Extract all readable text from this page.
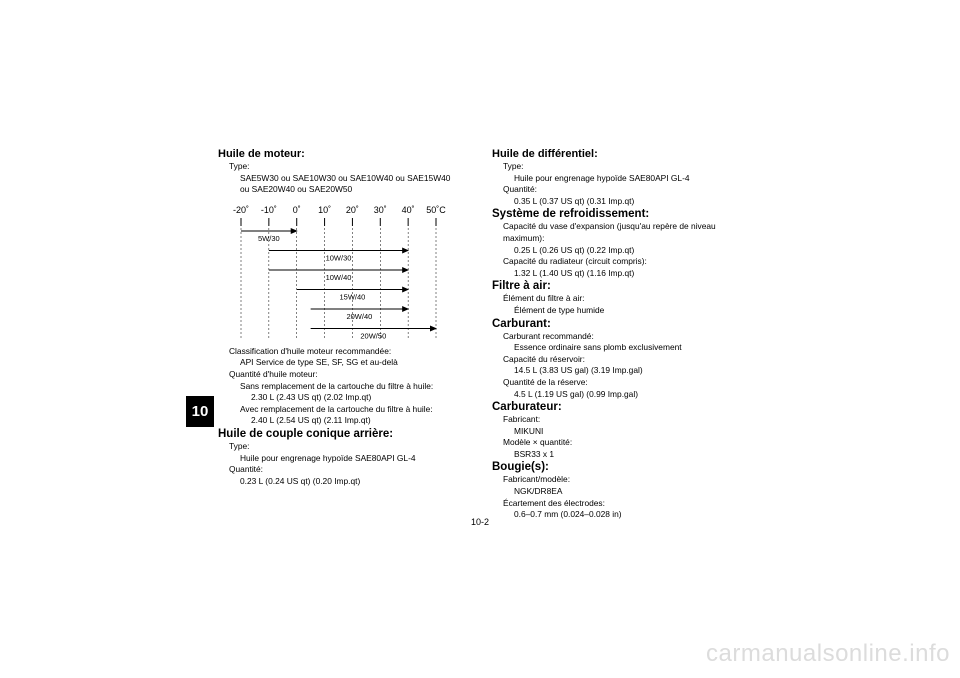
10

Huile de moteur:

Type:

SAE5W30 ou SAE10W30 ou SAE10W40 ou SAE15W40

ou SAE20W40 ou SAE20W50

-20˚ -10˚ 0˚ 10˚ 20˚ 30˚ 40˚ 50˚C
5W/30
10W/30
10W/40
15W/40
20W/40
20W/50

Classification d'huile moteur recommandée:

API Service de type SE, SF, SG et au-delà

Quantité d'huile moteur:

Sans remplacement de la cartouche du filtre à huile:

2.30 L (2.43 US qt) (2.02 Imp.qt)

Avec remplacement de la cartouche du filtre à huile:

2.40 L (2.54 US qt) (2.11 Imp.qt)

Huile de couple conique arrière:

Type:

Huile pour engrenage hypoïde SAE80API GL-4

Quantité:

0.23 L (0.24 US qt) (0.20 Imp.qt)

Huile de différentiel:

Type:

Huile pour engrenage hypoïde SAE80API GL-4

Quantité:

0.35 L (0.37 US qt) (0.31 Imp.qt)

Système de refroidissement:

Capacité du vase d'expansion (jusqu'au repère de niveau maximum):

0.25 L (0.26 US qt) (0.22 Imp.qt)

Capacité du radiateur (circuit compris):

1.32 L (1.40 US qt) (1.16 Imp.qt)

Filtre à air:

Élément du filtre à air:

Élément de type humide

Carburant:

Carburant recommandé:

Essence ordinaire sans plomb exclusivement

Capacité du réservoir:

14.5 L (3.83 US gal) (3.19 Imp.gal)

Quantité de la réserve:

4.5 L (1.19 US gal) (0.99 Imp.gal)

Carburateur:

Fabricant:

MIKUNI

Modèle × quantité:

BSR33 x 1

Bougie(s):

Fabricant/modèle:

NGK/DR8EA

Écartement des électrodes:

0.6–0.7 mm (0.024–0.028 in)

10-2
carmanualsonline.info
